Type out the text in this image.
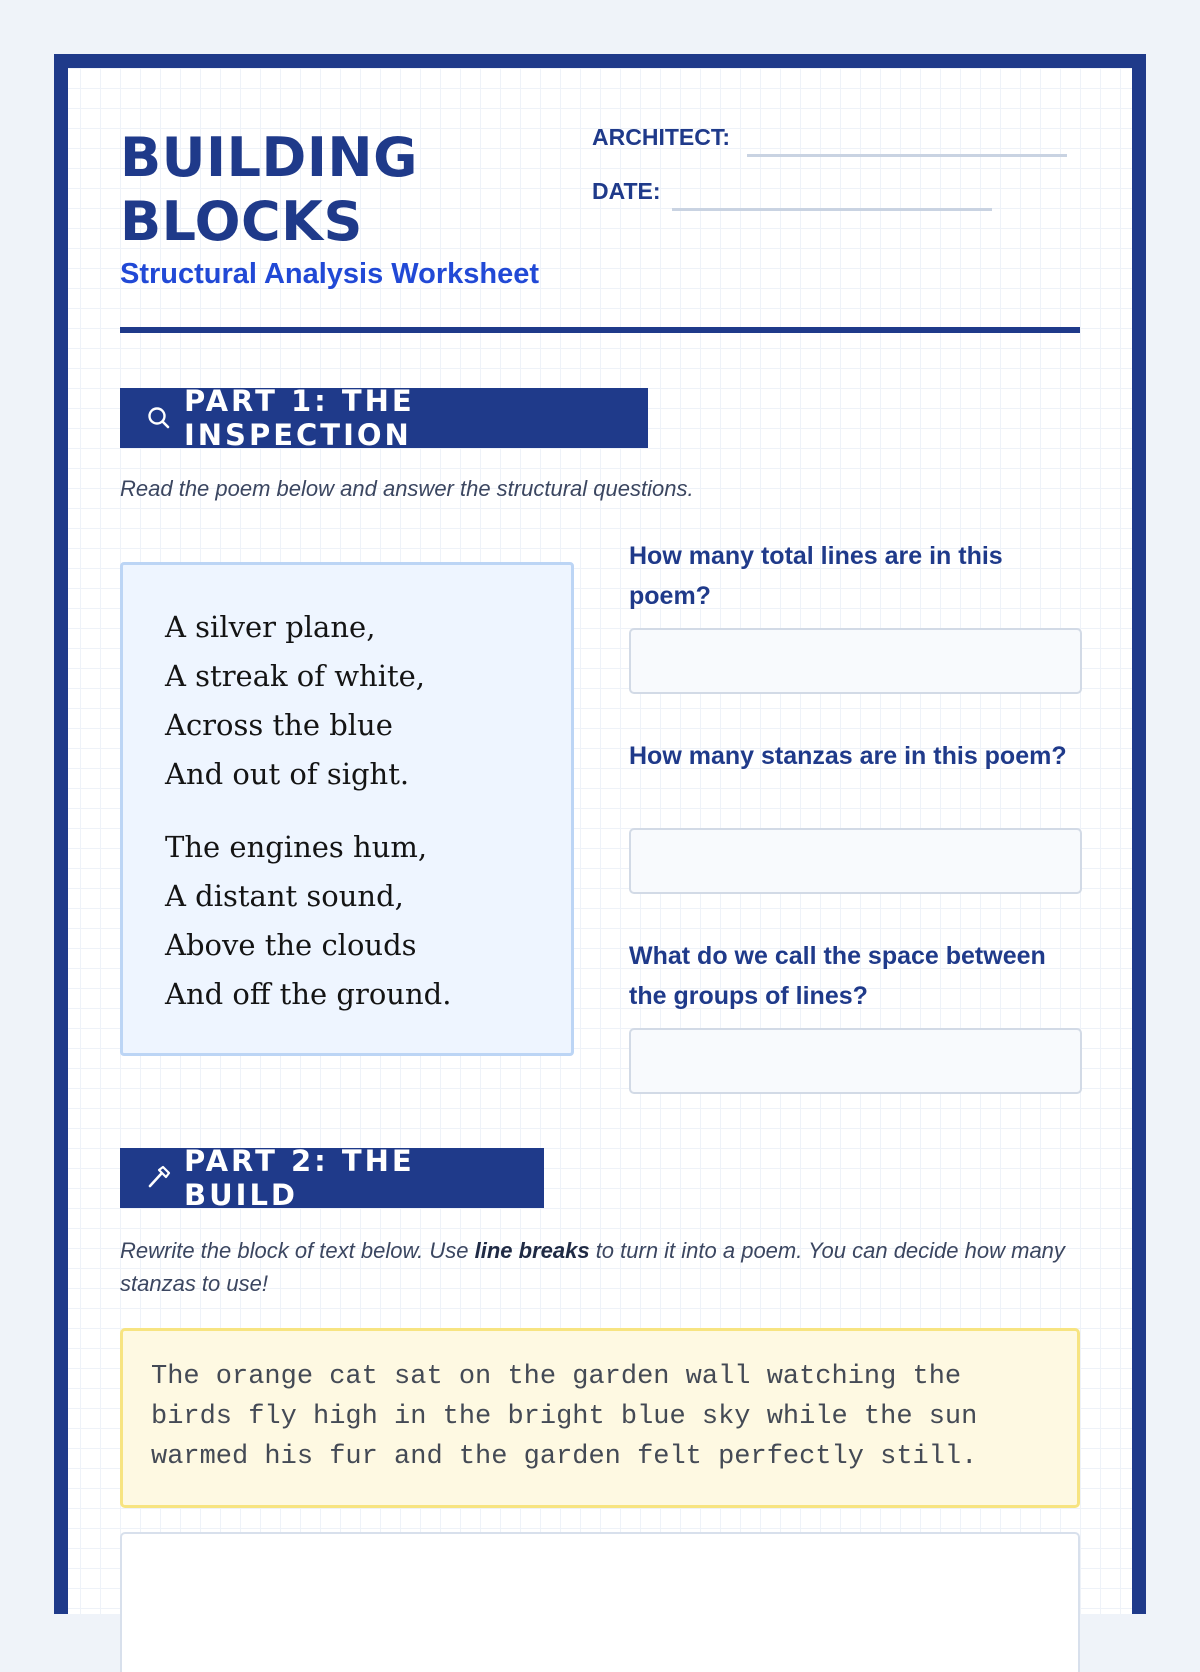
BUILDING
BLOCKS

Structural Analysis Worksheet

ARCHITECT:
DATE:
PART 1: THE INSPECTION

Read the poem below and answer the structural questions.

A silver plane,
A streak of white,
Across the blue
And out of sight.
The engines hum,
A distant sound,
Above the clouds
And off the ground.

How many total lines are in this poem?

How many stanzas are in this poem?

What do we call the space between the groups of lines?

PART 2: THE BUILD

Rewrite the block of text below. Use line breaks to turn it into a poem. You can decide how many stanzas to use!

The orange cat sat on the garden wall watching the birds fly high in the bright blue sky while the sun warmed his fur and the garden felt perfectly still.
